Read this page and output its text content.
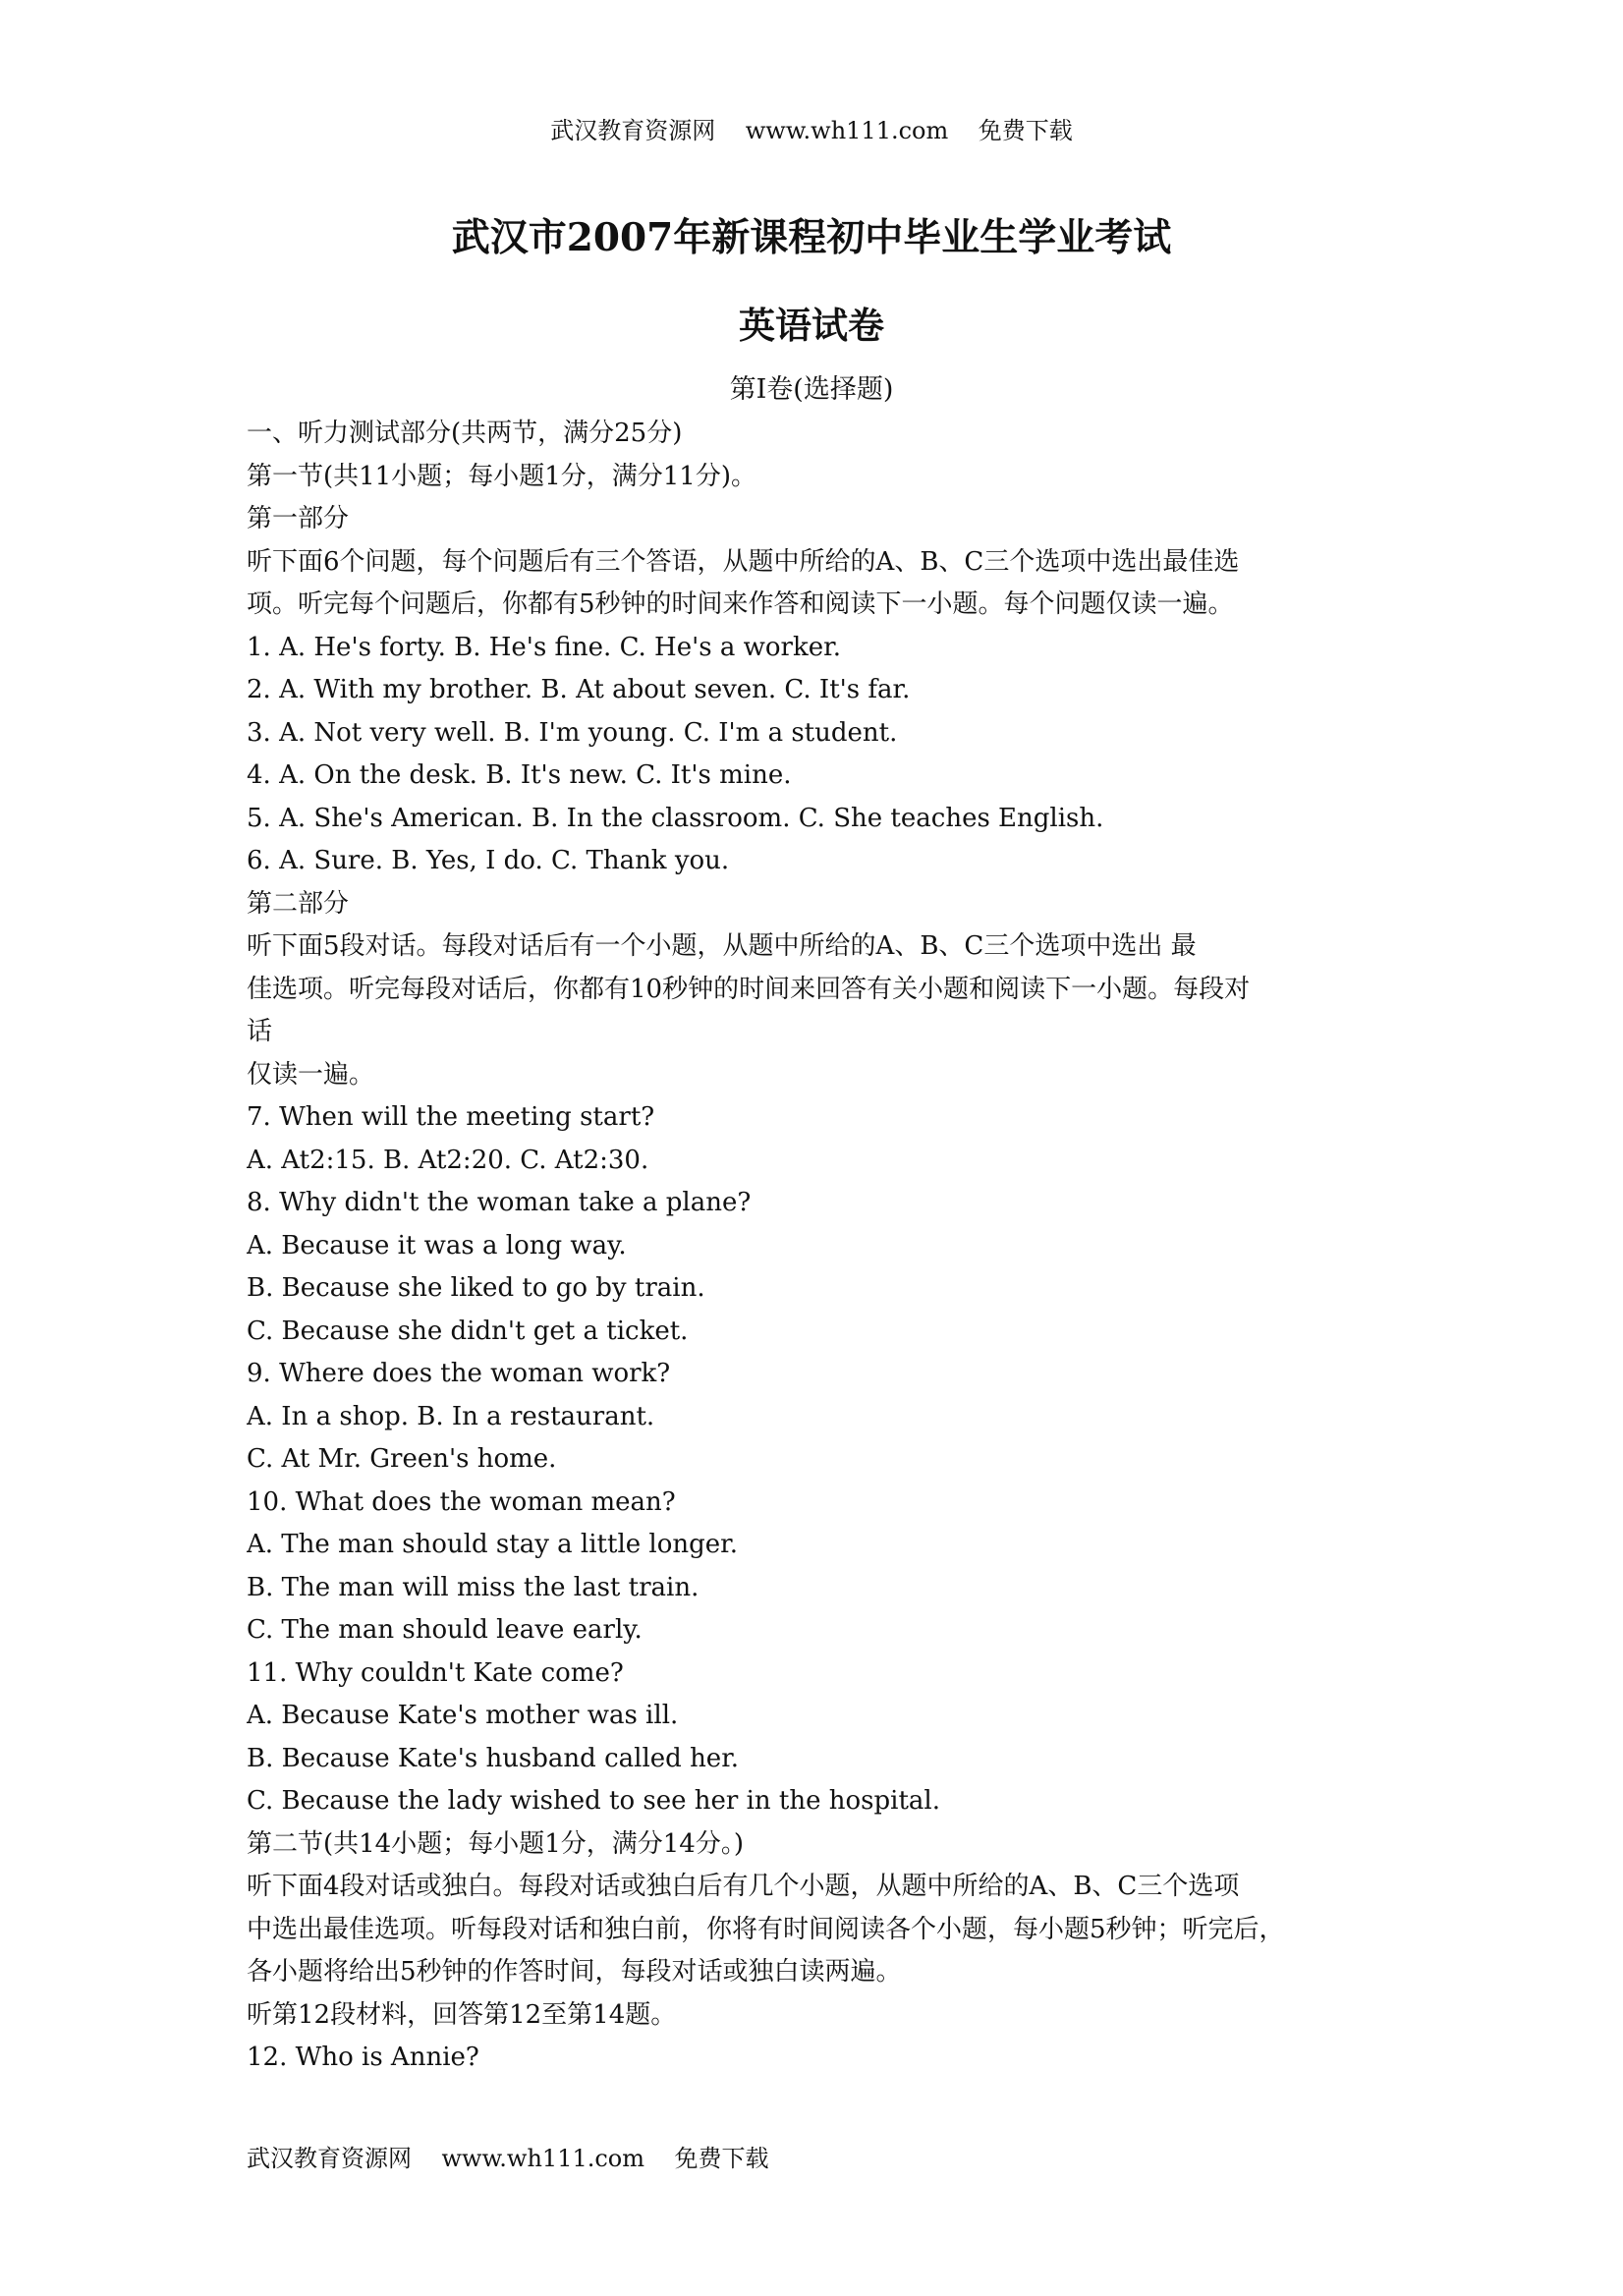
武汉教育资源网    www.wh111.com    免费下载
武汉市2007年新课程初中毕业生学业考试
英语试卷
第Ⅰ卷(选择题)
一、听力测试部分(共两节，满分25分)
第一节(共11小题；每小题1分，满分11分)。
第一部分
听下面6个问题，每个问题后有三个答语，从题中所给的A、B、C三个选项中选出最佳选
项。听完每个问题后，你都有5秒钟的时间来作答和阅读下一小题。每个问题仅读一遍。
1. A. He's forty. B. He's fine. C. He's a worker.
2. A. With my brother. B. At about seven. C. It's far.
3. A. Not very well. B. I'm young. C. I'm a student.
4. A. On the desk. B. It's new. C. It's mine.
5. A. She's American. B. In the classroom. C. She teaches English.
6. A. Sure. B. Yes, I do. C. Thank you.
第二部分
听下面5段对话。每段对话后有一个小题，从题中所给的A、B、C三个选项中选出 最
佳选项。听完每段对话后，你都有10秒钟的时间来回答有关小题和阅读下一小题。每段对
话
仅读一遍。
7. When will the meeting start?
A. At2:15. B. At2:20. C. At2:30.
8. Why didn't the woman take a plane?
A. Because it was a long way.
B. Because she liked to go by train.
C. Because she didn't get a ticket.
9. Where does the woman work?
A. In a shop. B. In a restaurant.
C. At Mr. Green's home.
10. What does the woman mean?
A. The man should stay a little longer.
B. The man will miss the last train.
C. The man should leave early.
11. Why couldn't Kate come?
A. Because Kate's mother was ill.
B. Because Kate's husband called her.
C. Because the lady wished to see her in the hospital.
第二节(共14小题；每小题1分，满分14分。)
听下面4段对话或独白。每段对话或独白后有几个小题，从题中所给的A、B、C三个选项
中选出最佳选项。听每段对话和独白前，你将有时间阅读各个小题，每小题5秒钟；听完后，
各小题将给出5秒钟的作答时间，每段对话或独白读两遍。
听第12段材料，回答第12至第14题。
12. Who is Annie?
武汉教育资源网    www.wh111.com    免费下载
